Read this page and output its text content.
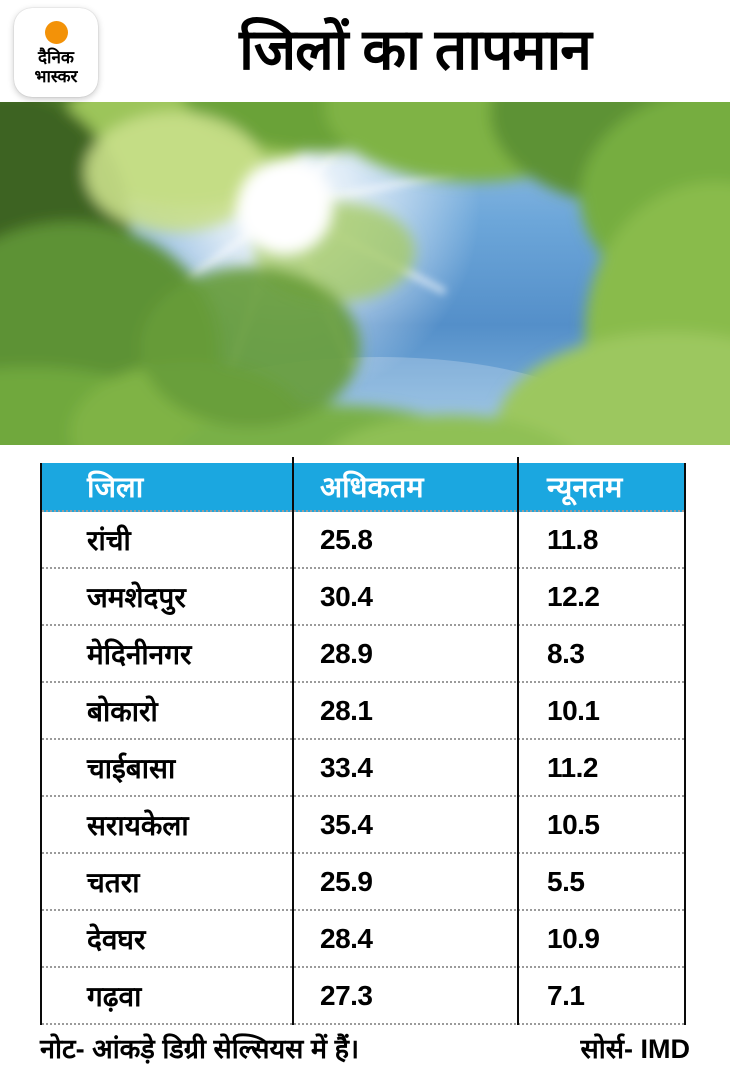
दैनिक
भास्कर	जिलों का तापमान
जिला	अधिकतम	न्यूनतम
रांची	25.8	11.8
जमशेदपुर	30.4	12.2
मेदिनीनगर	28.9	8.3
बोकारो	28.1	10.1
चाईबासा	33.4	11.2
सरायकेला	35.4	10.5
चतरा	25.9	5.5
देवघर	28.4	10.9
गढ़वा	27.3	7.1
नोट- आंकड़े डिग्री सेल्सियस में हैं।	सोर्स- IMD
